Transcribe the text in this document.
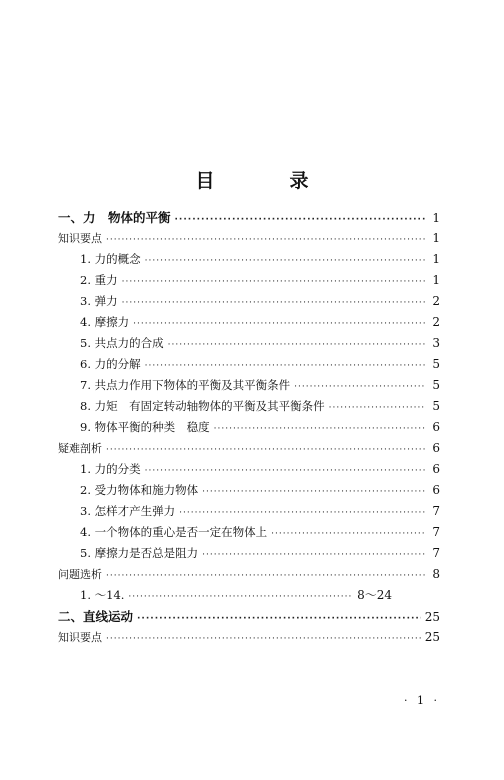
目　录
一、力　物体的平衡 ·····	1
知识要点 ·····	1
1. 力的概念 ·····	1
2. 重力 ·····	1
3. 弹力 ·····	2
4. 摩擦力 ·····	2
5. 共点力的合成 ·····	3
6. 力的分解 ·····	5
7. 共点力作用下物体的平衡及其平衡条件 ·····	5
8. 力矩　有固定转动轴物体的平衡及其平衡条件 ·····	5
9. 物体平衡的种类　稳度 ·····	6
疑难剖析 ·····	6
1. 力的分类 ·····	6
2. 受力物体和施力物体 ·····	6
3. 怎样才产生弹力 ·····	7
4. 一个物体的重心是否一定在物体上 ·····	7
5. 摩擦力是否总是阻力 ·····	7
问题选析 ·····	8
1. ～14. ·····	8～24
二、直线运动 ·····	25
知识要点 ·····	25
· 1 ·
